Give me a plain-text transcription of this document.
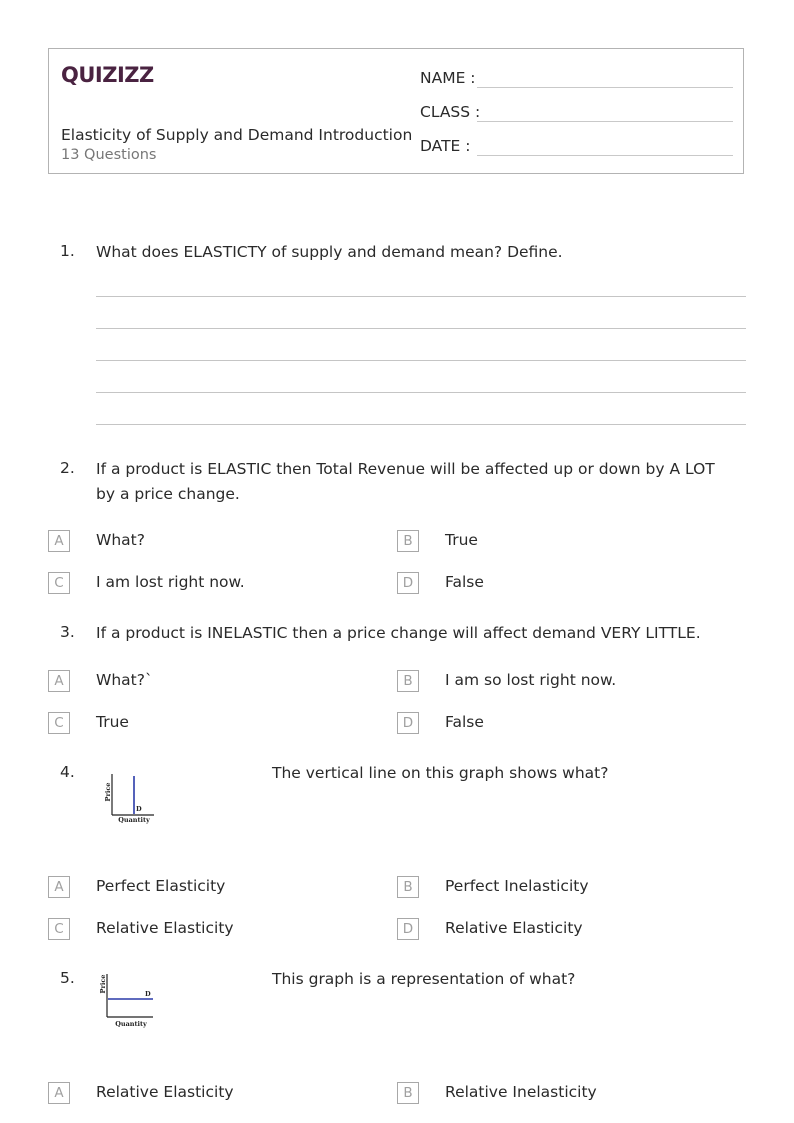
QUIZIZZ
Elasticity of Supply and Demand Introduction
13 Questions
NAME :
CLASS :
DATE :
1. What does ELASTICTY of supply and demand mean? Define.
2. If a product is ELASTIC then Total Revenue will be affected up or down by A LOT by a price change.
A	What?	B	True
C	I am lost right now.	D	False
3. If a product is INELASTIC then a price change will affect demand VERY LITTLE.
A	What?`	B	I am so lost right now.
C	True	D	False
4.
Price
Quantity
D
The vertical line on this graph shows what?
A	Perfect Elasticity	B	Perfect Inelasticity
C	Relative Elasticity	D	Relative Elasticity
5.	Price
Quantity
D
This graph is a representation of what?
A	Relative Elasticity	B	Relative Inelasticity
